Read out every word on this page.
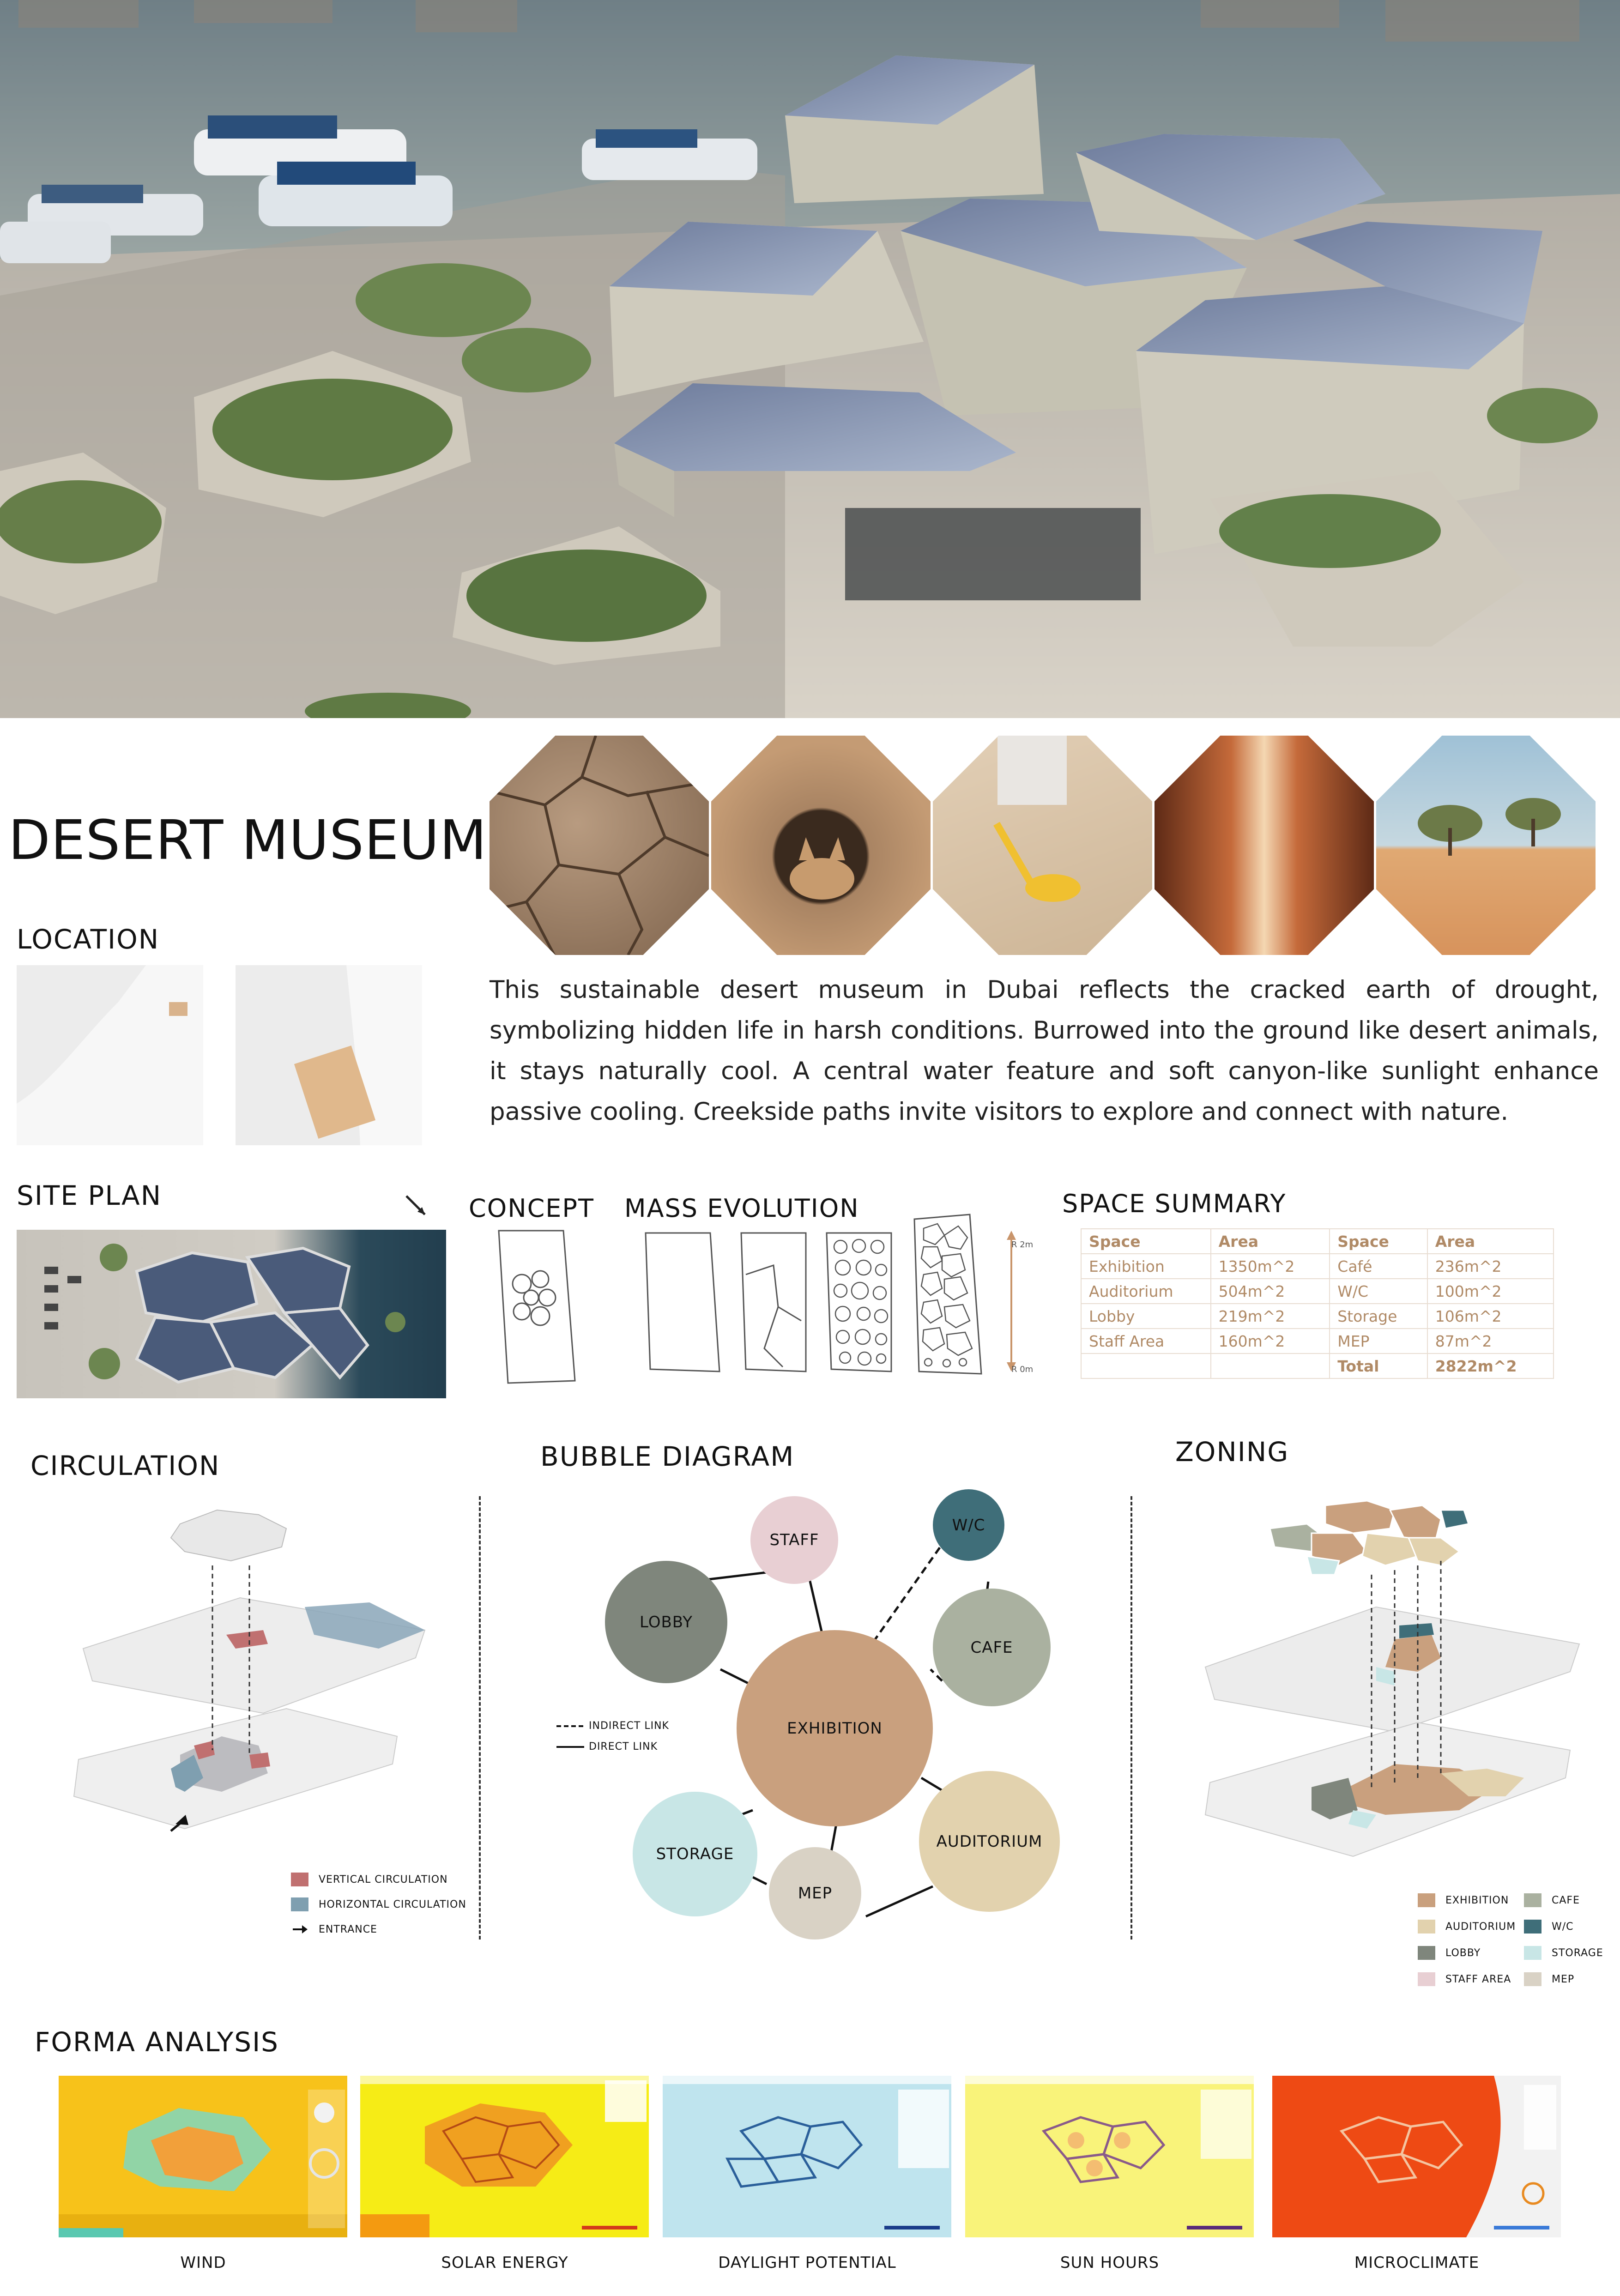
DESERT MUSEUM
LOCATION
This sustainable desert museum in Dubai reflects the cracked earth of drought, symbolizing hidden life in harsh conditions. Burrowed into the ground like desert animals, it stays naturally cool. A central water feature and soft canyon-like sunlight enhance passive cooling. Creekside paths invite visitors to explore and connect with nature.
SITE PLAN	CONCEPT MASS EVOLUTION
R 2m
R 0m
SPACE SUMMARY
Space	Area	Space	Area
Exhibition	1350m^2	Café	236m^2
Auditorium	504m^2	W/C	100m^2
Lobby	219m^2	Storage	106m^2
Staff Area	160m^2	MEP	87m^2
		Total	2822m^2
CIRCULATION
VERTICAL CIRCULATION
HORIZONTAL CIRCULATION
ENTRANCE
BUBBLE DIAGRAM
STAFF
W/C
LOBBY
CAFE
EXHIBITION
STORAGE
AUDITORIUM
MEP
INDIRECT LINK
DIRECT LINK
ZONING
EXHIBITION
AUDITORIUM
LOBBY
STAFF AREA
CAFE
W/C
STORAGE
MEP
FORMA ANALYSIS
WIND	SOLAR ENERGY	DAYLIGHT POTENTIAL	SUN HOURS	MICROCLIMATE
